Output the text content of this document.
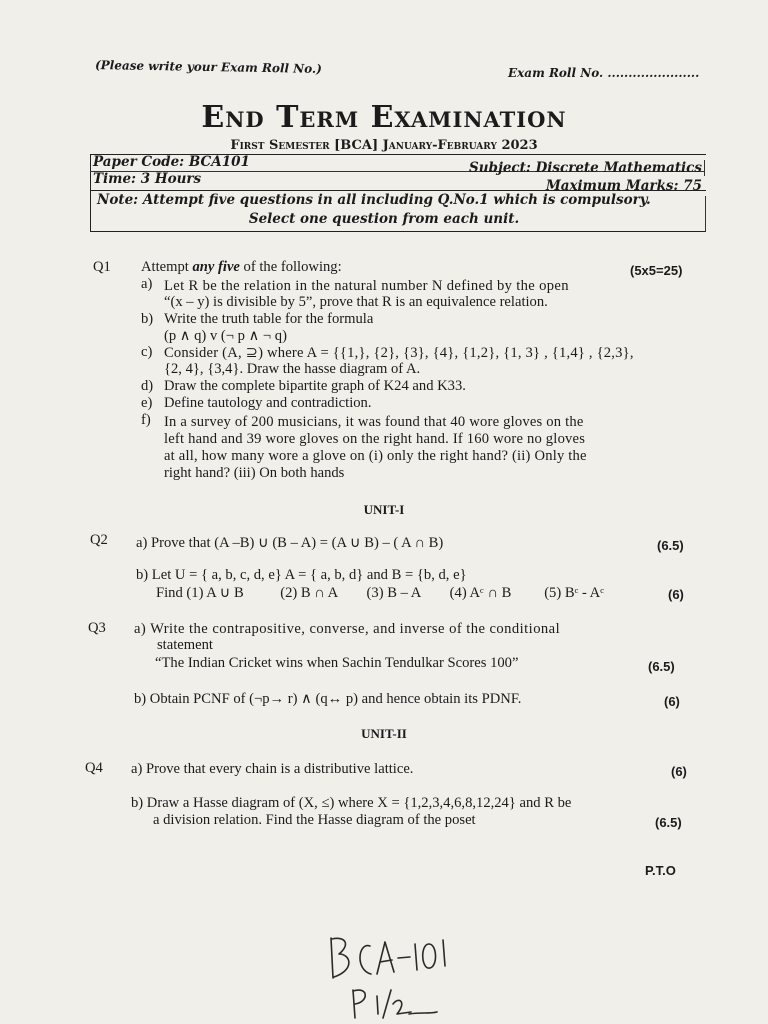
(Please write your Exam Roll No.)	Exam Roll No. ......................
End Term Examination
First Semester [BCA] January-February 2023
Paper Code: BCA101	Subject: Discrete Mathematics
Time: 3 Hours	Maximum Marks: 75
Note: Attempt five questions in all including Q.No.1 which is compulsory.
Select one question from each unit.
Q1 Attempt any five of the following:	(5x5=25)
a) Let R be the relation in the natural number N defined by the open
“(x – y) is divisible by 5”, prove that R is an equivalence relation.
b) Write the truth table for the formula
(p ∧ q) v (¬ p ∧ ¬ q)
c) Consider (A, ⊇) where A = {{1,}, {2}, {3}, {4}, {1,2}, {1, 3} , {1,4} , {2,3},
{2, 4}, {3,4}. Draw the hasse diagram of A.
d) Draw the complete bipartite graph of K24 and K33.
e) Define tautology and contradiction.
f) In a survey of 200 musicians, it was found that 40 wore gloves on the
left hand and 39 wore gloves on the right hand. If 160 wore no gloves
at all, how many wore a glove on (i) only the right hand? (ii) Only the
right hand? (iii) On both hands
UNIT-I
Q2 a) Prove that (A –B) ∪ (B – A) = (A ∪ B) – ( A ∩ B)	(6.5)
b) Let U = { a, b, c, d, e} A = { a, b, d} and B = {b, d, e}
Find (1) A ∪ B          (2) B ∩ A        (3) B – A        (4) Aᶜ ∩ B         (5) Bᶜ - Aᶜ	(6)
Q3 a) Write the contrapositive, converse, and inverse of the conditional
statement
“The Indian Cricket wins when Sachin Tendulkar Scores 100”	(6.5)
b) Obtain PCNF of (¬p→ r) ∧ (q↔ p) and hence obtain its PDNF.	(6)
UNIT-II
Q4 a) Prove that every chain is a distributive lattice.	(6)
b) Draw a Hasse diagram of (X, ≤) where X = {1,2,3,4,6,8,12,24} and R be
a division relation. Find the Hasse diagram of the poset	(6.5)
P.T.O
